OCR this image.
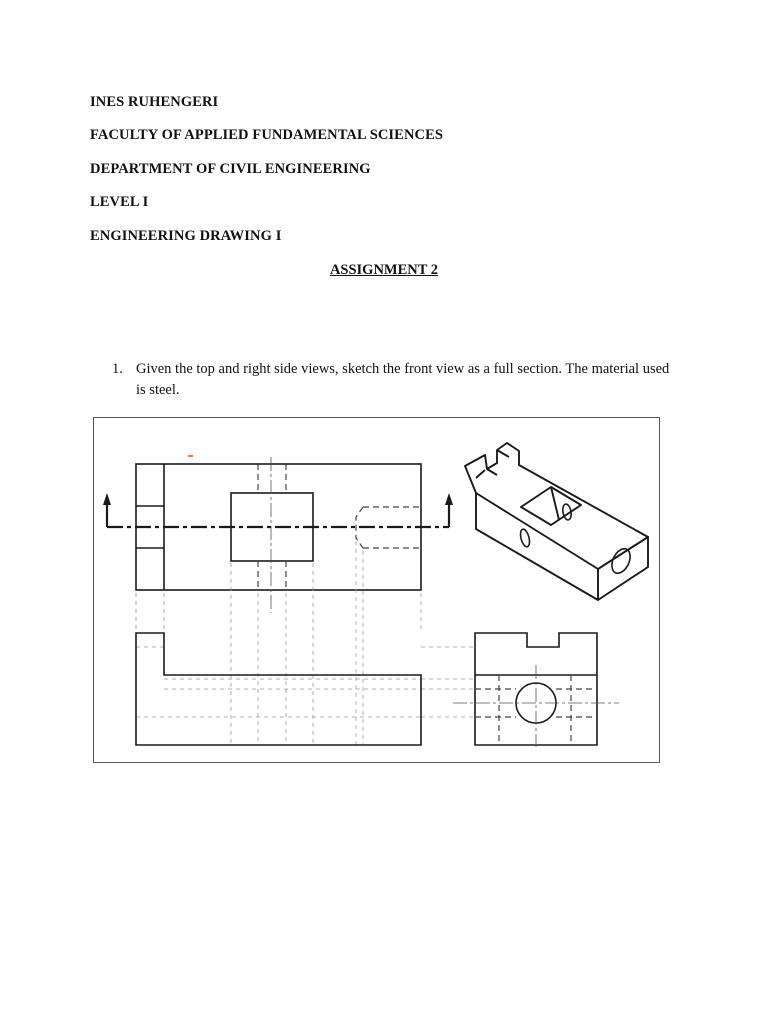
INES RUHENGERI

FACULTY OF APPLIED FUNDAMENTAL SCIENCES

DEPARTMENT OF CIVIL ENGINEERING

LEVEL I

ENGINEERING DRAWING I

ASSIGNMENT 2

1. Given the top and right side views, sketch the front view as a full section. The material used is steel.
